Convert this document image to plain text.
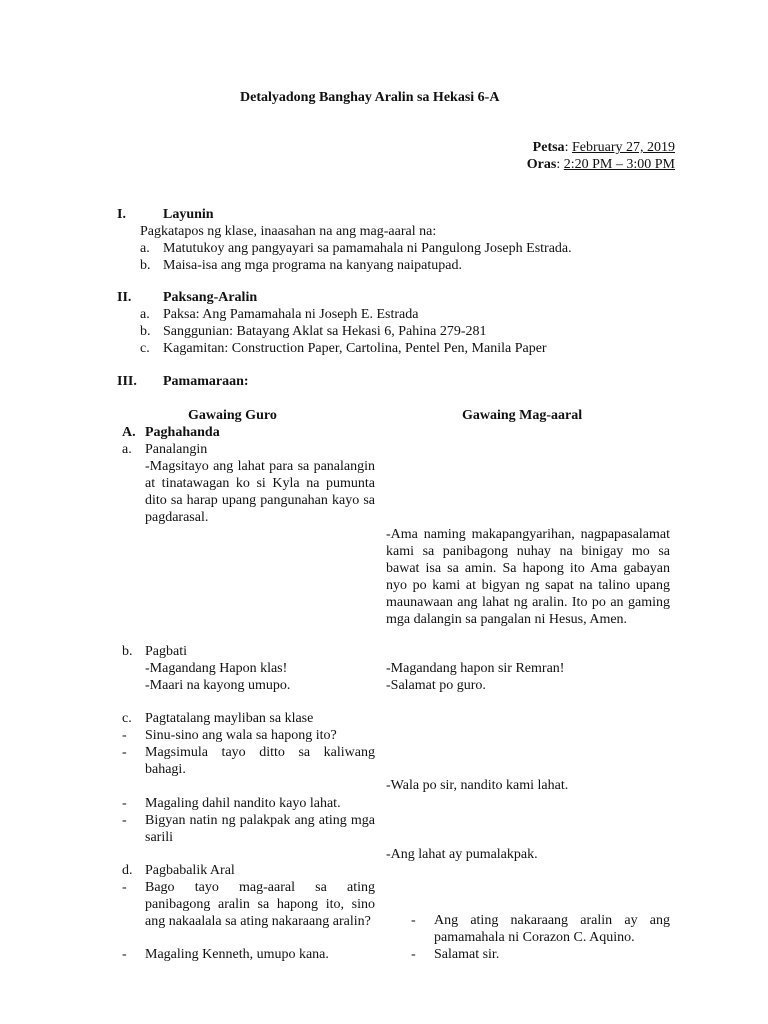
Detalyadong Banghay Aralin sa Hekasi 6-A
Petsa: February 27, 2019
Oras: 2:20 PM – 3:00 PM
I.	Layunin
Pagkatapos ng klase, inaasahan na ang mag-aaral na:
a. Matutukoy ang pangyayari sa pamamahala ni Pangulong Joseph Estrada.
b. Maisa-isa ang mga programa na kanyang naipatupad.
II. Paksang-Aralin
a. Paksa: Ang Pamamahala ni Joseph E. Estrada
b. Sanggunian: Batayang Aklat sa Hekasi 6, Pahina 279-281
c. Kagamitan: Construction Paper, Cartolina, Pentel Pen, Manila Paper
III. Pamamaraan:
Gawaing Guro	Gawaing Mag-aaral
A. Paghahanda
a. Panalangin
-Magsitayo ang lahat para sa panalangin at tinatawagan ko si Kyla na pumunta dito sa harap upang pangunahan kayo sa pagdarasal.
-Ama naming makapangyarihan, nagpapasalamat kami sa panibagong nuhay na binigay mo sa bawat isa sa amin. Sa hapong ito Ama gabayan nyo po kami at bigyan ng sapat na talino upang maunawaan ang lahat ng aralin. Ito po an gaming mga dalangin sa pangalan ni Hesus, Amen.
b. Pagbati
-Magandang Hapon klas!
-Maari na kayong umupo.
-Magandang hapon sir Remran!
-Salamat po guro.
c. Pagtatalang mayliban sa klase
- Sinu-sino ang wala sa hapong ito?
- Magsimula tayo ditto sa kaliwang bahagi.
-Wala po sir, nandito kami lahat.
- Magaling dahil nandito kayo lahat.
- Bigyan natin ng palakpak ang ating mga sarili
-Ang lahat ay pumalakpak.
d. Pagbabalik Aral
- Bago tayo mag-aaral sa ating panibagong aralin sa hapong ito, sino ang nakaalala sa ating nakaraang aralin?
- Magaling Kenneth, umupo kana.
- Ang ating nakaraang aralin ay ang pamamahala ni Corazon C. Aquino.
- Salamat sir.
